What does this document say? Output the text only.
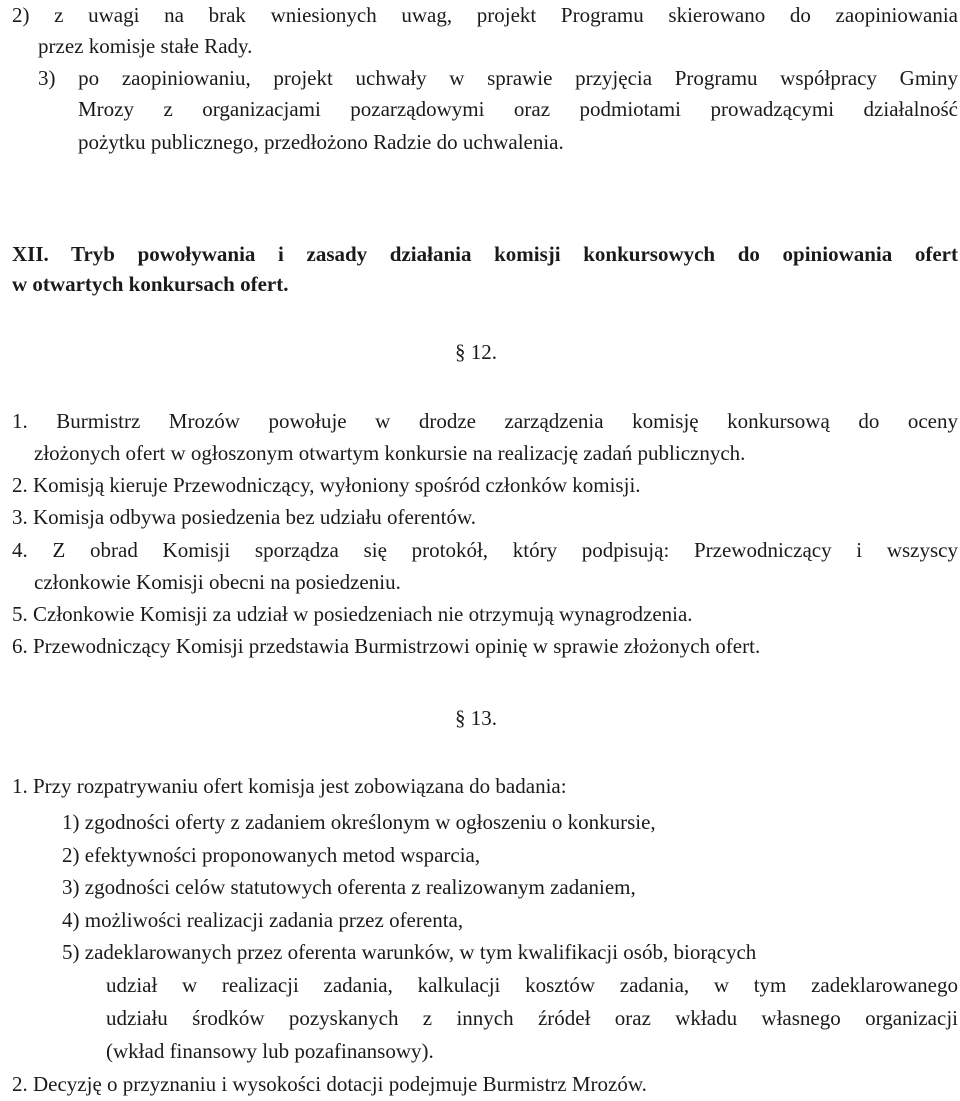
2) z uwagi na brak wniesionych uwag, projekt Programu skierowano do zaopiniowania

przez komisje stałe Rady.

3) po zaopiniowaniu, projekt uchwały w sprawie przyjęcia Programu współpracy Gminy

Mrozy z organizacjami pozarządowymi oraz podmiotami prowadzącymi działalność

pożytku publicznego, przedłożono Radzie do uchwalenia.

XII. Tryb powoływania i zasady działania komisji konkursowych do opiniowania ofert

w otwartych konkursach ofert.

§ 12.

1. Burmistrz Mrozów powołuje w drodze zarządzenia komisję konkursową do oceny

złożonych ofert w ogłoszonym otwartym konkursie na realizację zadań publicznych.

2. Komisją kieruje Przewodniczący, wyłoniony spośród członków komisji.

3. Komisja odbywa posiedzenia bez udziału oferentów.

4. Z obrad Komisji sporządza się protokół, który podpisują: Przewodniczący i wszyscy

członkowie Komisji obecni na posiedzeniu.

5. Członkowie Komisji za udział w posiedzeniach nie otrzymują wynagrodzenia.

6. Przewodniczący Komisji przedstawia Burmistrzowi opinię w sprawie złożonych ofert.

§ 13.

1. Przy rozpatrywaniu ofert komisja jest zobowiązana do badania:

1) zgodności oferty z zadaniem określonym w ogłoszeniu o konkursie,

2) efektywności proponowanych metod wsparcia,

3) zgodności celów statutowych oferenta z realizowanym zadaniem,

4) możliwości realizacji zadania przez oferenta,

5) zadeklarowanych przez oferenta warunków, w tym kwalifikacji osób, biorących

udział w realizacji zadania, kalkulacji kosztów zadania, w tym zadeklarowanego

udziału środków pozyskanych z innych źródeł oraz wkładu własnego organizacji

(wkład finansowy lub pozafinansowy).

2. Decyzję o przyznaniu i wysokości dotacji podejmuje Burmistrz Mrozów.
